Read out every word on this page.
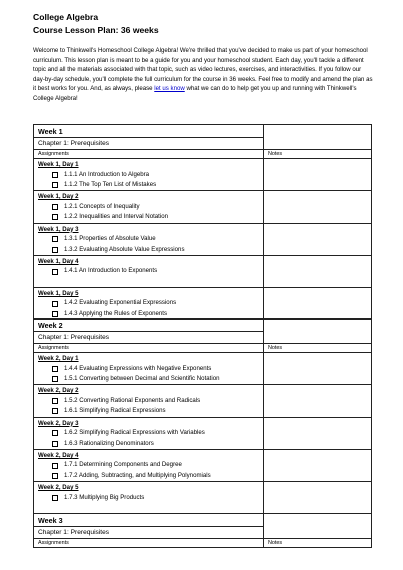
College Algebra
Course Lesson Plan: 36 weeks

Welcome to Thinkwell's Homeschool College Algebra! We're thrilled that you've decided to make us part of your homeschool curriculum. This lesson plan is meant to be a guide for you and your homeschool student. Each day, you'll tackle a different topic and all the materials associated with that topic, such as video lectures, exercises, and interactivities. If you follow our day-by-day schedule, you'll complete the full curriculum for the course in 36 weeks. Feel free to modify and amend the plan as it best works for you. And, as always, please let us know what we can do to help get you up and running with Thinkwell's College Algebra!

Week 1	
Chapter 1: Prerequisites	
Assignments	Notes

Week 1, Day 1
1.1.1 An Introduction to Algebra
1.1.2 The Top Ten List of Mistakes	

Week 1, Day 2
1.2.1 Concepts of Inequality
1.2.2 Inequalities and Interval Notation	

Week 1, Day 3
1.3.1 Properties of Absolute Value
1.3.2 Evaluating Absolute Value Expressions	

Week 1, Day 4
1.4.1 An Introduction to Exponents	

Week 1, Day 5
1.4.2 Evaluating Exponential Expressions
1.4.3 Applying the Rules of Exponents	

Week 2	
Chapter 1: Prerequisites	
Assignments	Notes

Week 2, Day 1
1.4.4 Evaluating Expressions with Negative Exponents
1.5.1 Converting between Decimal and Scientific Notation	

Week 2, Day 2
1.5.2 Converting Rational Exponents and Radicals
1.6.1 Simplifying Radical Expressions	

Week 2, Day 3
1.6.2 Simplifying Radical Expressions with Variables
1.6.3 Rationalizing Denominators	

Week 2, Day 4
1.7.1 Determining Components and Degree
1.7.2 Adding, Subtracting, and Multiplying Polynomials	

Week 2, Day 5
1.7.3 Multiplying Big Products	

Week 3	
Chapter 1: Prerequisites	
Assignments	Notes
